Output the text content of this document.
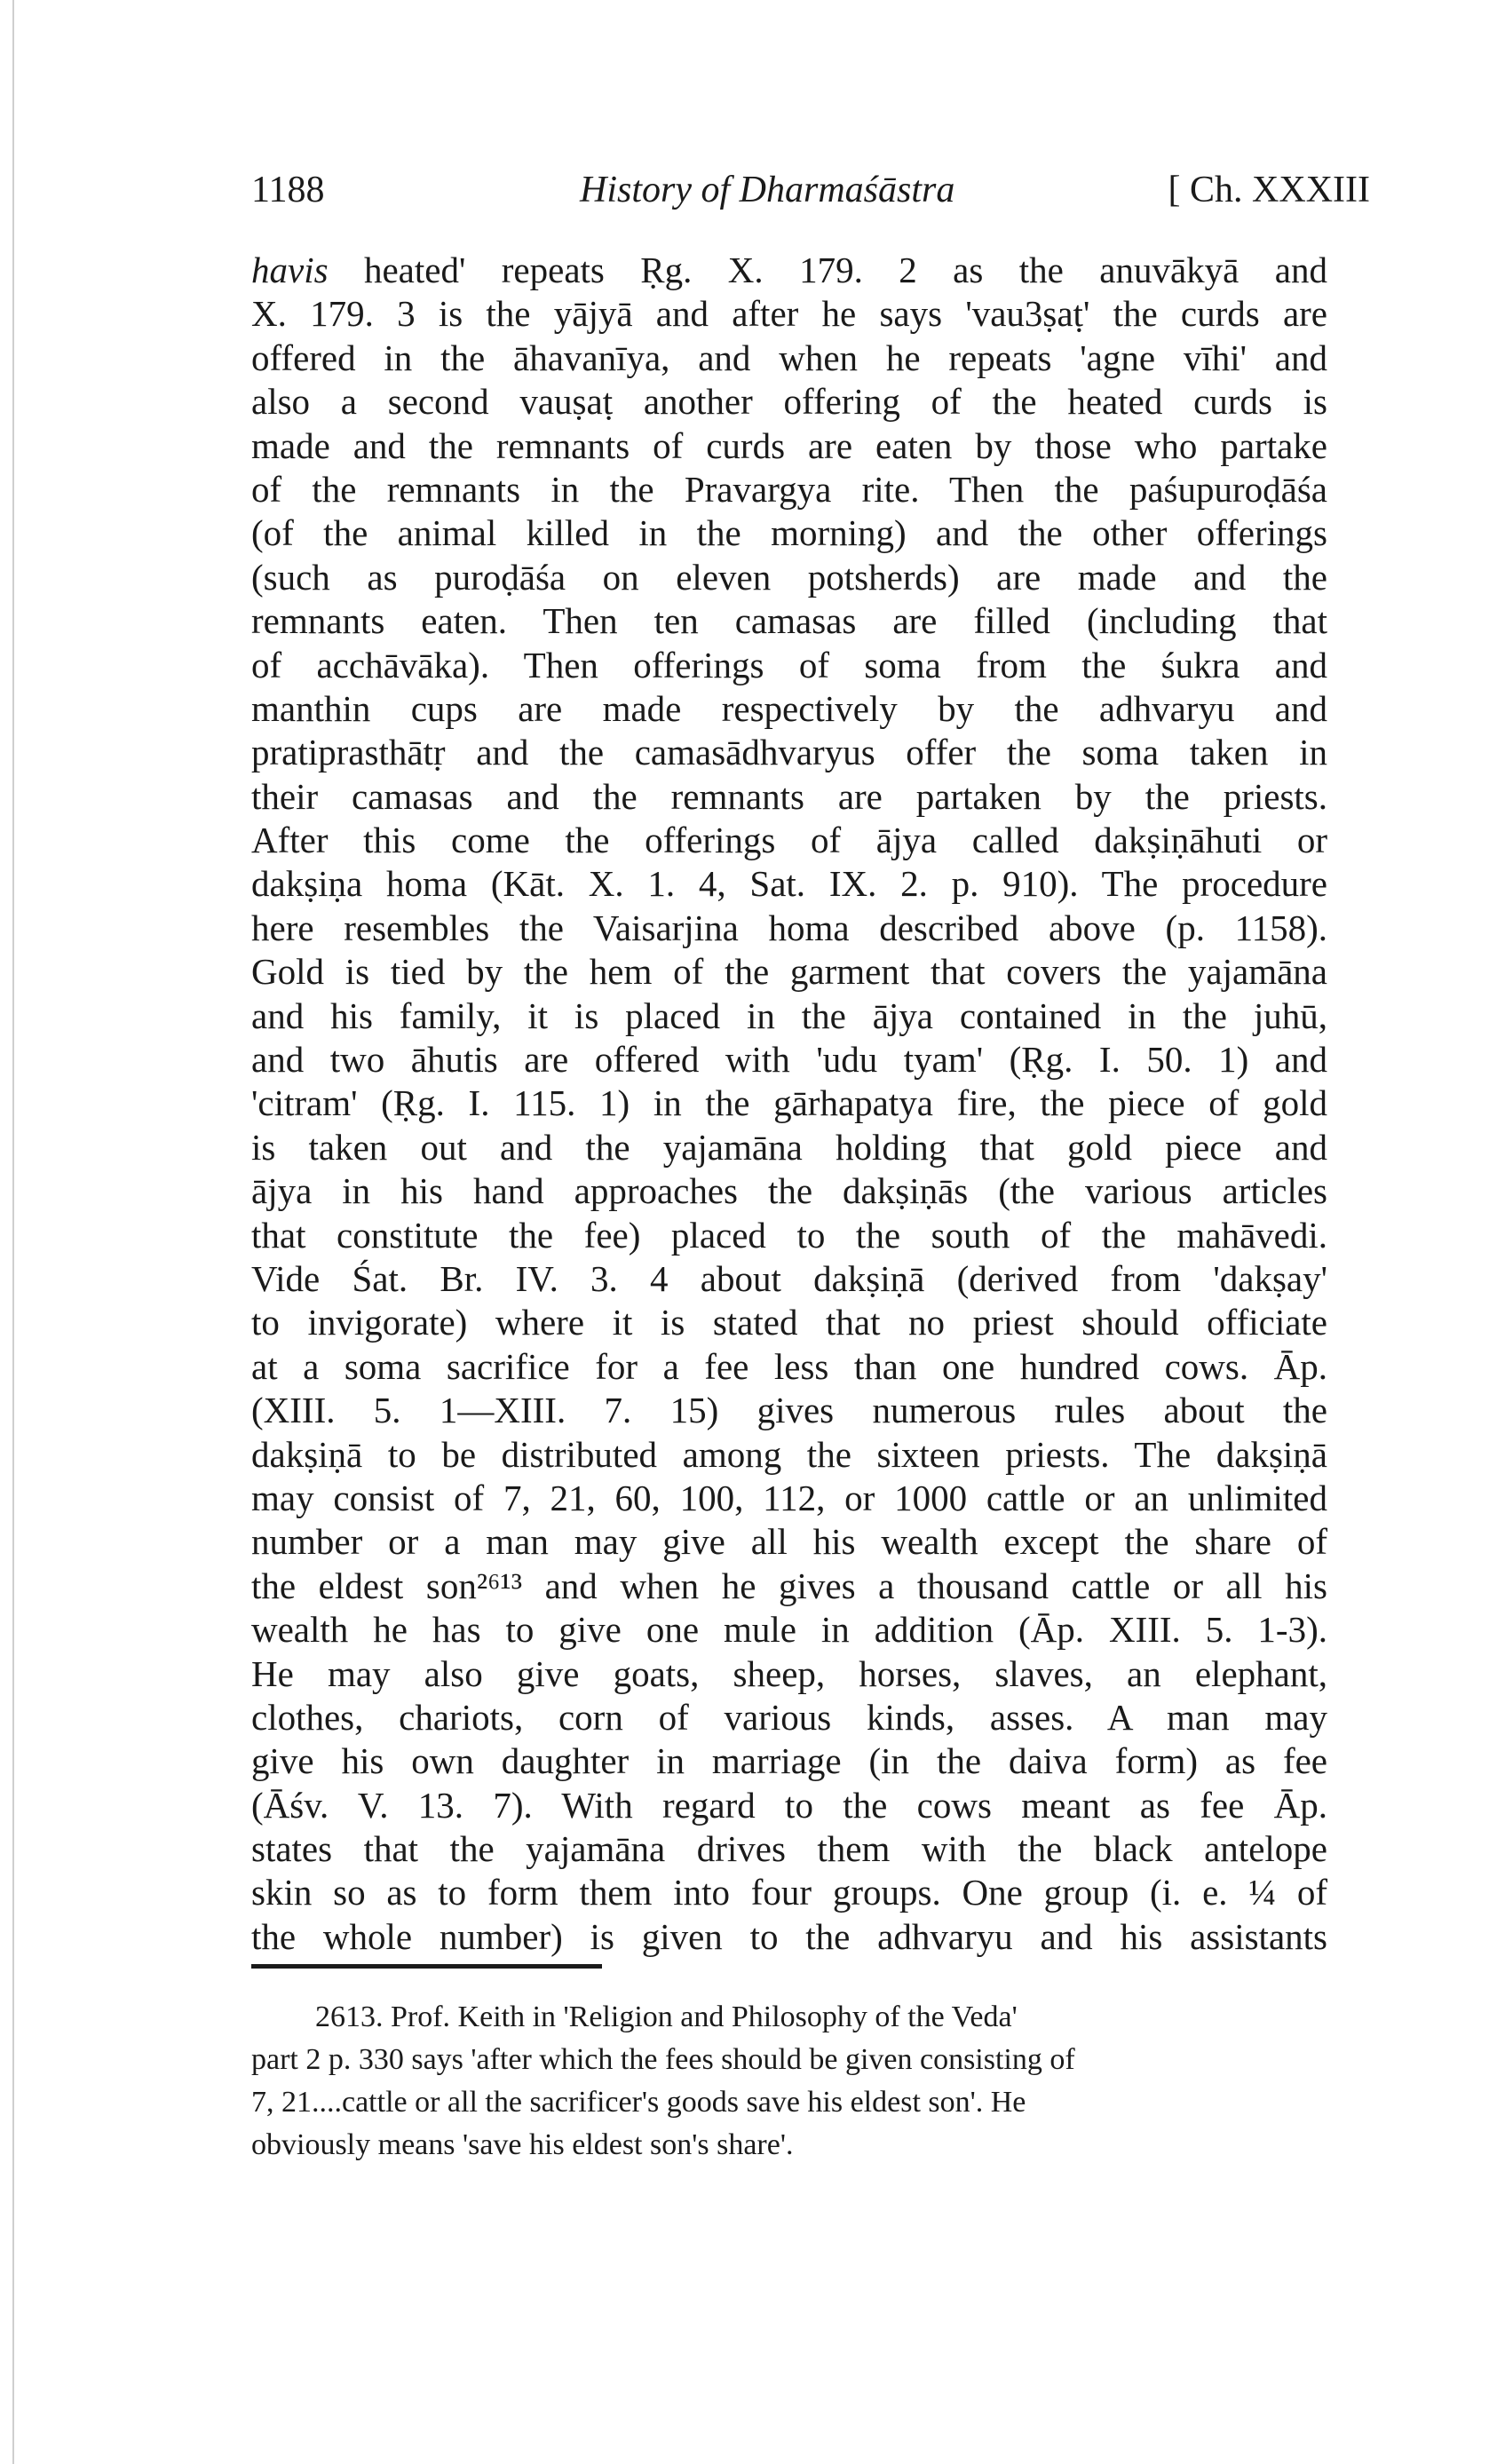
1188	History of Dharmaśāstra	[ Ch. XXXIII
havis heated' repeats Ṛg. X. 179. 2 as the anuvākyā and
X. 179. 3 is the yājyā and after he says 'vau3ṣaṭ' the curds are
offered in the āhavanīya, and when he repeats 'agne vīhi' and
also a second vauṣaṭ another offering of the heated curds is
made and the remnants of curds are eaten by those who partake
of the remnants in the Pravargya rite. Then the paśupuroḍāśa
(of the animal killed in the morning) and the other offerings
(such as puroḍāśa on eleven potsherds) are made and the
remnants eaten. Then ten camasas are filled (including that
of acchāvāka). Then offerings of soma from the śukra and
manthin cups are made respectively by the adhvaryu and
pratiprasthātṛ and the camasādhvaryus offer the soma taken in
their camasas and the remnants are partaken by the priests.
After this come the offerings of ājya called dakṣiṇāhuti or
dakṣiṇa homa (Kāt. X. 1. 4, Sat. IX. 2. p. 910). The procedure
here resembles the Vaisarjina homa described above (p. 1158).
Gold is tied by the hem of the garment that covers the yajamāna
and his family, it is placed in the ājya contained in the juhū,
and two āhutis are offered with 'udu tyam' (Ṛg. I. 50. 1) and
'citram' (Ṛg. I. 115. 1) in the gārhapatya fire, the piece of gold
is taken out and the yajamāna holding that gold piece and
ājya in his hand approaches the dakṣiṇās (the various articles
that constitute the fee) placed to the south of the mahāvedi.
Vide Śat. Br. IV. 3. 4 about dakṣiṇā (derived from 'dakṣay'
to invigorate) where it is stated that no priest should officiate
at a soma sacrifice for a fee less than one hundred cows. Āp.
(XIII. 5. 1—XIII. 7. 15) gives numerous rules about the
dakṣiṇā to be distributed among the sixteen priests. The dakṣiṇā
may consist of 7, 21, 60, 100, 112, or 1000 cattle or an unlimited
number or a man may give all his wealth except the share of
the eldest son²⁶¹³ and when he gives a thousand cattle or all his
wealth he has to give one mule in addition (Āp. XIII. 5. 1-3).
He may also give goats, sheep, horses, slaves, an elephant,
clothes, chariots, corn of various kinds, asses. A man may
give his own daughter in marriage (in the daiva form) as fee
(Āśv. V. 13. 7). With regard to the cows meant as fee Āp.
states that the yajamāna drives them with the black antelope
skin so as to form them into four groups. One group (i. e. ¼ of
the whole number) is given to the adhvaryu and his assistants
2613. Prof. Keith in 'Religion and Philosophy of the Veda'
part 2 p. 330 says 'after which the fees should be given consisting of
7, 21....cattle or all the sacrificer's goods save his eldest son'. He
obviously means 'save his eldest son's share'.
